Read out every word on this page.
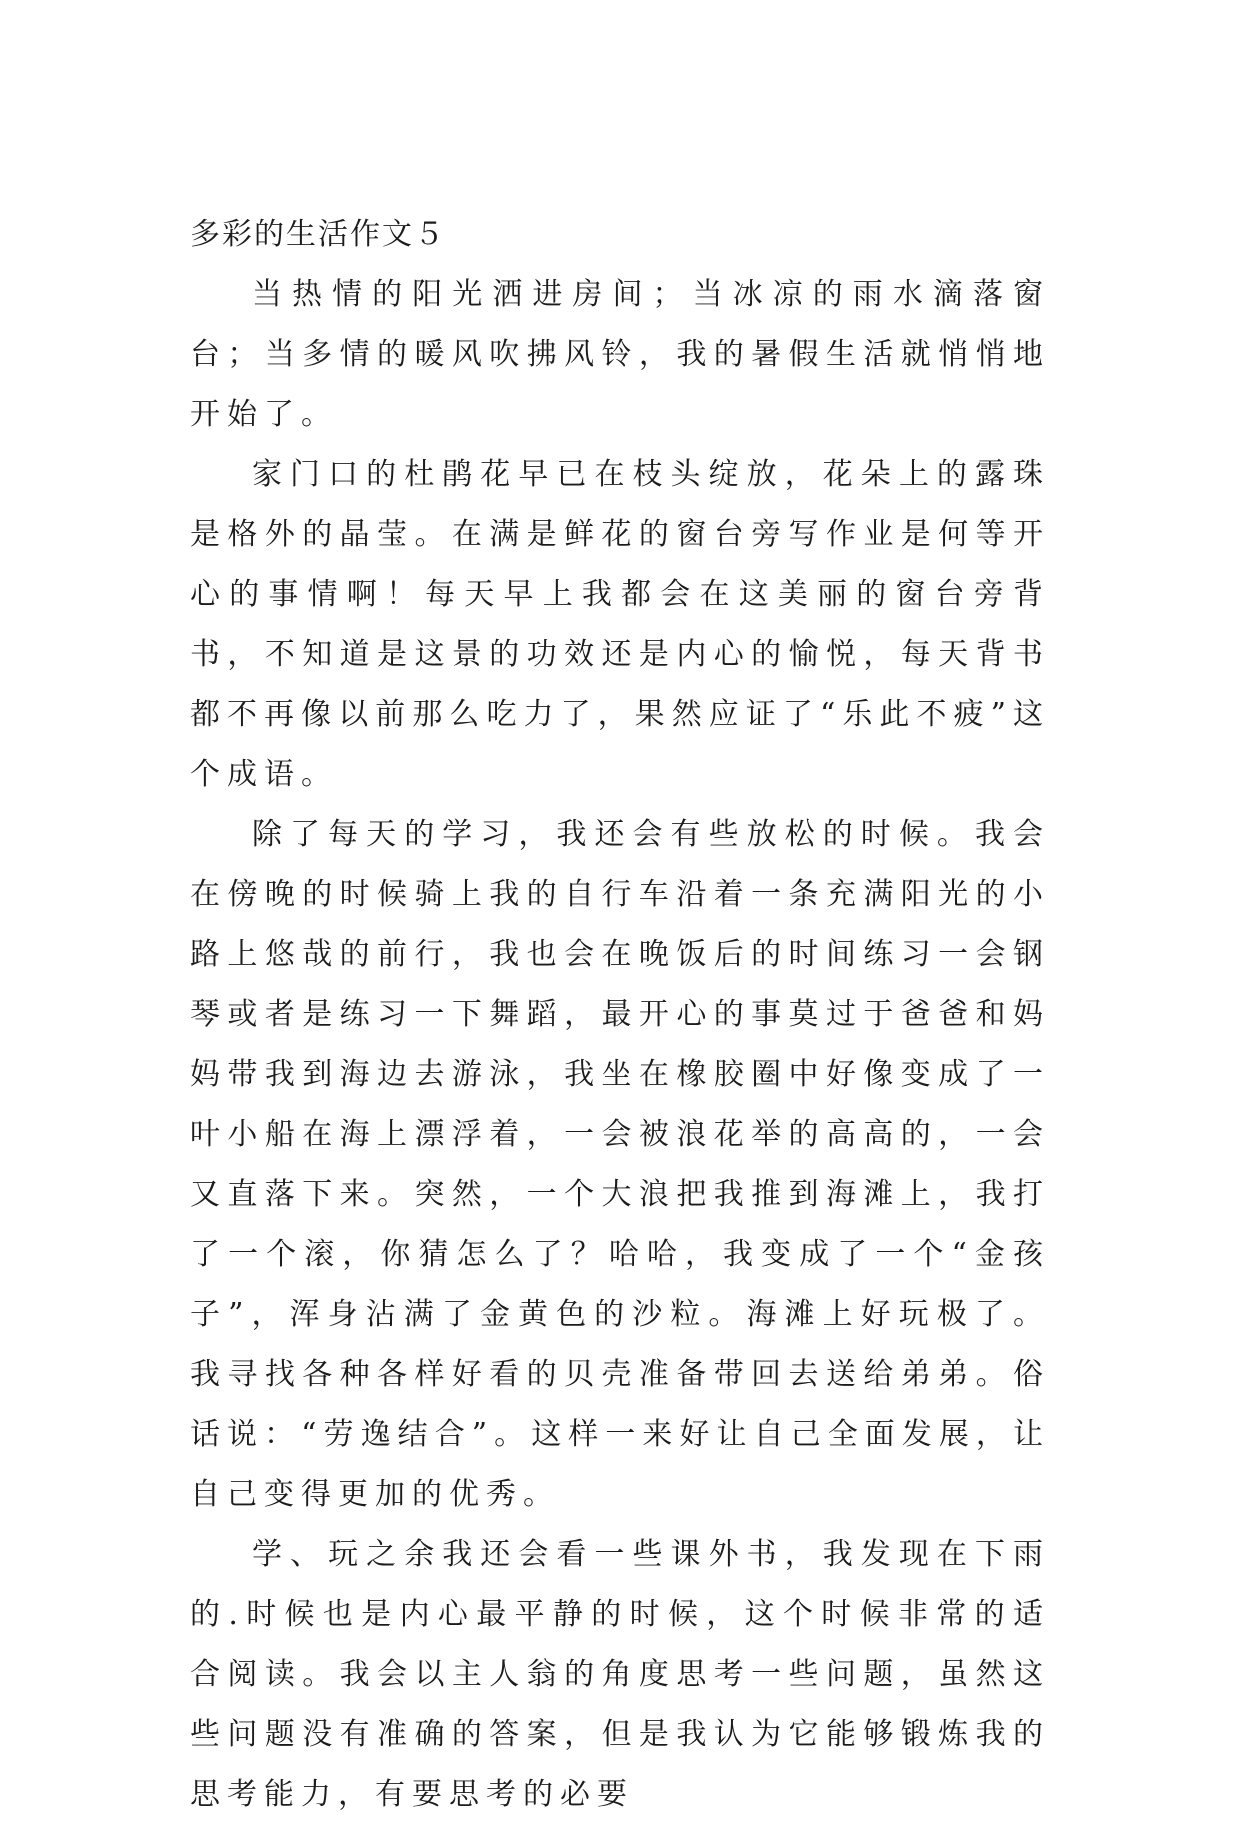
多彩的生活作文５

当热情的阳光洒进房间；当冰凉的雨水滴落窗台；当多情的暖风吹拂风铃，我的暑假生活就悄悄地开始了。

家门口的杜鹃花早已在枝头绽放，花朵上的露珠是格外的晶莹。在满是鲜花的窗台旁写作业是何等开心的事情啊！每天早上我都会在这美丽的窗台旁背书，不知道是这景的功效还是内心的愉悦，每天背书都不再像以前那么吃力了，果然应证了“乐此不疲”这个成语。

除了每天的学习，我还会有些放松的时候。我会在傍晚的时候骑上我的自行车沿着一条充满阳光的小路上悠哉的前行，我也会在晚饭后的时间练习一会钢琴或者是练习一下舞蹈，最开心的事莫过于爸爸和妈妈带我到海边去游泳，我坐在橡胶圈中好像变成了一叶小船在海上漂浮着，一会被浪花举的高高的，一会又直落下来。突然，一个大浪把我推到海滩上，我打了一个滚，你猜怎么了？哈哈，我变成了一个“金孩子”，浑身沾满了金黄色的沙粒。海滩上好玩极了。我寻找各种各样好看的贝壳准备带回去送给弟弟。俗话说：“劳逸结合”。这样一来好让自己全面发展，让自己变得更加的优秀。

学、玩之余我还会看一些课外书，我发现在下雨的.时候也是内心最平静的时候，这个时候非常的适合阅读。我会以主人翁的角度思考一些问题，虽然这些问题没有准确的答案，但是我认为它能够锻炼我的思考能力，有要思考的必要
